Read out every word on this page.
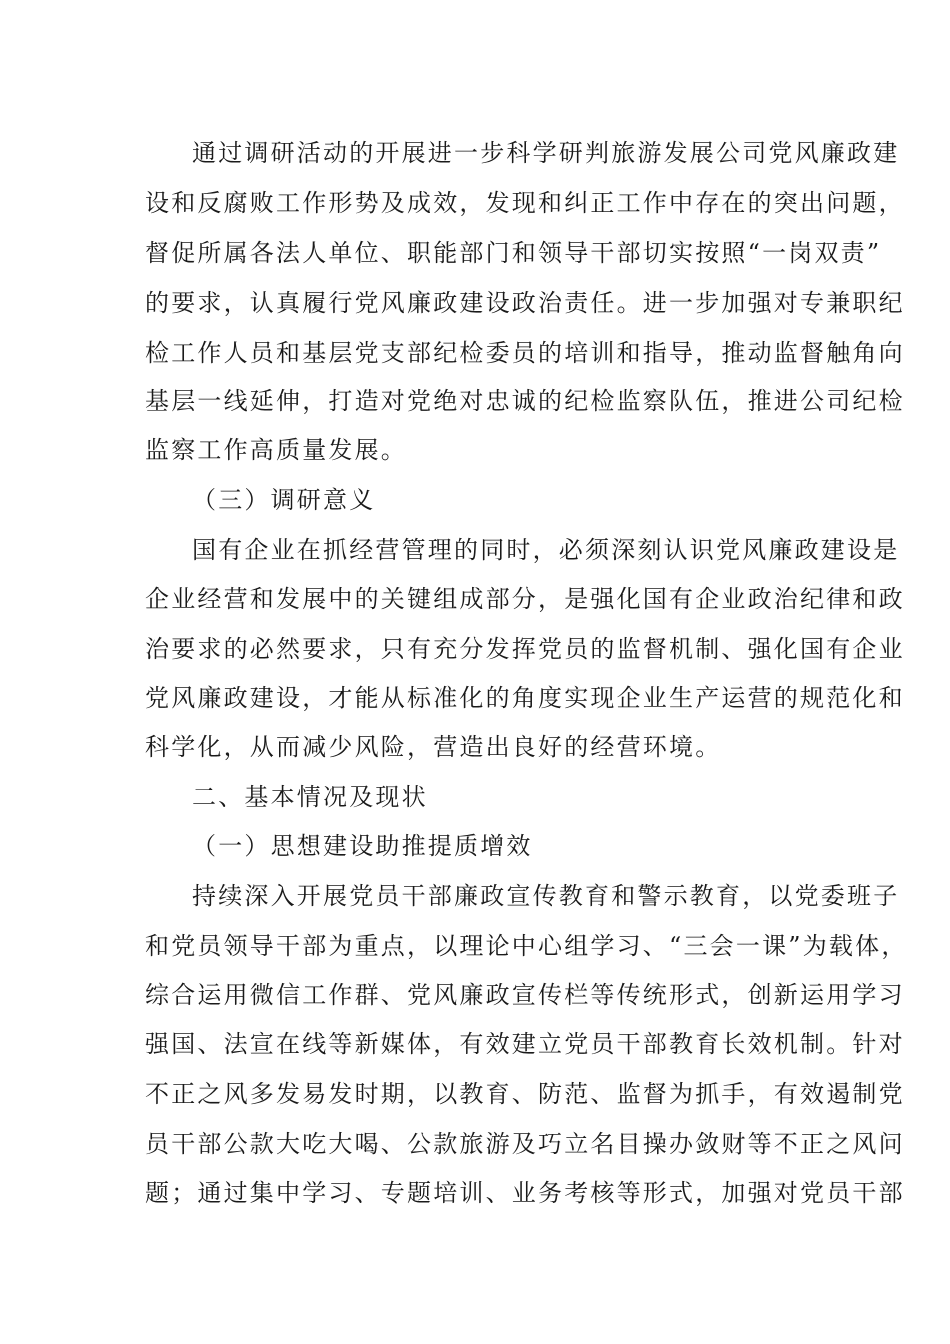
通过调研活动的开展进一步科学研判旅游发展公司党风廉政建
设和反腐败工作形势及成效，发现和纠正工作中存在的突出问题，
督促所属各法人单位、职能部门和领导干部切实按照“一岗双责”
的要求，认真履行党风廉政建设政治责任。进一步加强对专兼职纪
检工作人员和基层党支部纪检委员的培训和指导，推动监督触角向
基层一线延伸，打造对党绝对忠诚的纪检监察队伍，推进公司纪检
监察工作高质量发展。
（三）调研意义
国有企业在抓经营管理的同时，必须深刻认识党风廉政建设是
企业经营和发展中的关键组成部分，是强化国有企业政治纪律和政
治要求的必然要求，只有充分发挥党员的监督机制、强化国有企业
党风廉政建设，才能从标准化的角度实现企业生产运营的规范化和
科学化，从而减少风险，营造出良好的经营环境。
二、基本情况及现状
（一）思想建设助推提质增效
持续深入开展党员干部廉政宣传教育和警示教育，以党委班子
和党员领导干部为重点，以理论中心组学习、“三会一课”为载体，
综合运用微信工作群、党风廉政宣传栏等传统形式，创新运用学习
强国、法宣在线等新媒体，有效建立党员干部教育长效机制。针对
不正之风多发易发时期，以教育、防范、监督为抓手，有效遏制党
员干部公款大吃大喝、公款旅游及巧立名目操办敛财等不正之风问
题；通过集中学习、专题培训、业务考核等形式，加强对党员干部
